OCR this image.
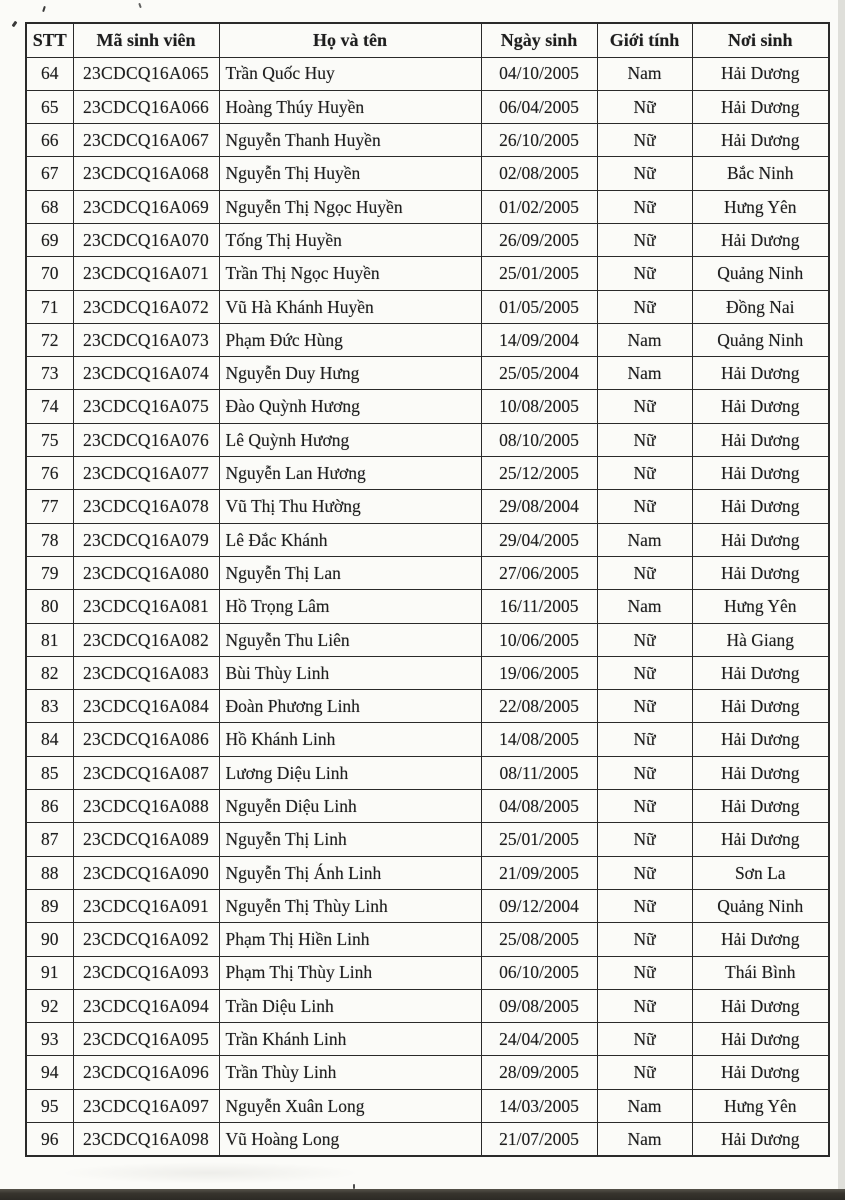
STT	Mã sinh viên	Họ và tên	Ngày sinh	Giới tính	Nơi sinh
64	23CDCQ16A065	Trần Quốc Huy	04/10/2005	Nam	Hải Dương
65	23CDCQ16A066	Hoàng Thúy Huyền	06/04/2005	Nữ	Hải Dương
66	23CDCQ16A067	Nguyễn Thanh Huyền	26/10/2005	Nữ	Hải Dương
67	23CDCQ16A068	Nguyễn Thị Huyền	02/08/2005	Nữ	Bắc Ninh
68	23CDCQ16A069	Nguyễn Thị Ngọc Huyền	01/02/2005	Nữ	Hưng Yên
69	23CDCQ16A070	Tống Thị Huyền	26/09/2005	Nữ	Hải Dương
70	23CDCQ16A071	Trần Thị Ngọc Huyền	25/01/2005	Nữ	Quảng Ninh
71	23CDCQ16A072	Vũ Hà Khánh Huyền	01/05/2005	Nữ	Đồng Nai
72	23CDCQ16A073	Phạm Đức Hùng	14/09/2004	Nam	Quảng Ninh
73	23CDCQ16A074	Nguyễn Duy Hưng	25/05/2004	Nam	Hải Dương
74	23CDCQ16A075	Đào Quỳnh Hương	10/08/2005	Nữ	Hải Dương
75	23CDCQ16A076	Lê Quỳnh Hương	08/10/2005	Nữ	Hải Dương
76	23CDCQ16A077	Nguyễn Lan Hương	25/12/2005	Nữ	Hải Dương
77	23CDCQ16A078	Vũ Thị Thu Hường	29/08/2004	Nữ	Hải Dương
78	23CDCQ16A079	Lê Đắc Khánh	29/04/2005	Nam	Hải Dương
79	23CDCQ16A080	Nguyễn Thị Lan	27/06/2005	Nữ	Hải Dương
80	23CDCQ16A081	Hồ Trọng Lâm	16/11/2005	Nam	Hưng Yên
81	23CDCQ16A082	Nguyễn Thu Liên	10/06/2005	Nữ	Hà Giang
82	23CDCQ16A083	Bùi Thùy Linh	19/06/2005	Nữ	Hải Dương
83	23CDCQ16A084	Đoàn Phương Linh	22/08/2005	Nữ	Hải Dương
84	23CDCQ16A086	Hồ Khánh Linh	14/08/2005	Nữ	Hải Dương
85	23CDCQ16A087	Lương Diệu Linh	08/11/2005	Nữ	Hải Dương
86	23CDCQ16A088	Nguyễn Diệu Linh	04/08/2005	Nữ	Hải Dương
87	23CDCQ16A089	Nguyễn Thị Linh	25/01/2005	Nữ	Hải Dương
88	23CDCQ16A090	Nguyễn Thị Ánh Linh	21/09/2005	Nữ	Sơn La
89	23CDCQ16A091	Nguyễn Thị Thùy Linh	09/12/2004	Nữ	Quảng Ninh
90	23CDCQ16A092	Phạm Thị Hiền Linh	25/08/2005	Nữ	Hải Dương
91	23CDCQ16A093	Phạm Thị Thùy Linh	06/10/2005	Nữ	Thái Bình
92	23CDCQ16A094	Trần Diệu Linh	09/08/2005	Nữ	Hải Dương
93	23CDCQ16A095	Trần Khánh Linh	24/04/2005	Nữ	Hải Dương
94	23CDCQ16A096	Trần Thùy Linh	28/09/2005	Nữ	Hải Dương
95	23CDCQ16A097	Nguyễn Xuân Long	14/03/2005	Nam	Hưng Yên
96	23CDCQ16A098	Vũ Hoàng Long	21/07/2005	Nam	Hải Dương
